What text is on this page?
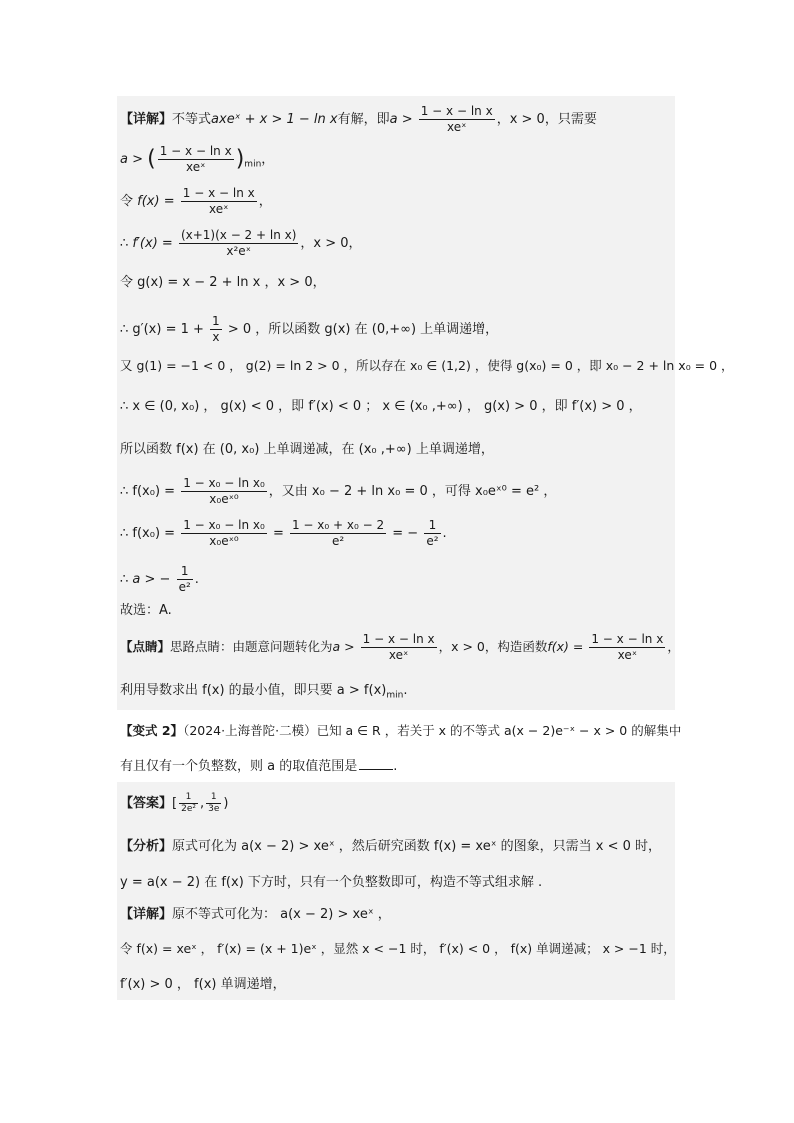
【详解】不等式axeˣ + x > 1 − ln x有解，即$a > \frac{\text{1 − x − ln x}}{\text{xeˣ}}$ ，x > 0，只需要
a > ( $\frac{\text{1 − x − ln x}}{\text{xeˣ}} )_{min}$，
令 $f(x) = \frac{\text{1 − x − ln x}}{\text{xeˣ}}$ ，
∴ $f'(x) = \frac{\text{(x+1)(x − 2 + ln x)}}{\text{x²eˣ}}$ ，x > 0，
令 g(x) = x − 2 + ln x ，x > 0，
∴ $g'(x) = 1 + \frac{1}{x} > 0$ ，所以函数 g(x) 在 (0,+∞) 上单调递增，
又 g(1) = −1 < 0 ， g(2) = ln 2 > 0 ，所以存在 x₀ ∈ (1,2) ，使得 g(x₀) = 0 ，即 x₀ − 2 + ln x₀ = 0 ，
∴ x ∈ (0, x₀) ， g(x) < 0 ，即 f′(x) < 0 ； x ∈ (x₀ ,+∞) ， g(x) > 0 ，即 f′(x) > 0 ，
所以函数 f(x) 在 (0, x₀) 上单调递减，在 (x₀ ,+∞) 上单调递增，
∴ $f(x_0) = \frac{\text{1 − x₀ − ln x₀}}{\text{x₀eˣ⁰}}$ ，又由 x₀ − 2 + ln x₀ = 0 ，可得 x₀eˣ⁰ = e² ，
∴ $f(x_0) = \frac{\text{1 − x₀ − ln x₀}}{\text{x₀eˣ⁰}} = \frac{\text{1 − x₀ + x₀ − 2}}{\text{e²}}$ = − $\frac{1}{\text{e²}}$ .
∴ a > − $\frac{1}{\text{e²}}$ .
故选：A.
【点睛】思路点睛：由题意问题转化为$a > \frac{\text{1 − x − ln x}}{\text{xeˣ}}$ ，x > 0，构造函数$f(x) = \frac{\text{1 − x − ln x}}{\text{xeˣ}}$ ，
利用导数求出 f(x) 的最小值，即只要 $a > f(x)_{min}$.
【变式 2】（2024·上海普陀·二模）已知 a ∈ R ，若关于 x 的不等式 a(x − 2)e⁻ˣ − x > 0 的解集中
有且仅有一个负整数，则 a 的取值范围是	.
【答案】[ $\frac{1}{\text{2e²}}$ , $\frac{1}{3e}$ )
【分析】原式可化为 a(x − 2) > xeˣ ，然后研究函数 f(x) = xeˣ 的图象，只需当 x < 0 时，
y = a(x − 2) 在 f(x) 下方时，只有一个负整数即可，构造不等式组求解 .
【详解】原不等式可化为： a(x − 2) > xeˣ ，
令 f(x) = xeˣ ， f′(x) = (x + 1)eˣ ，显然 x < −1 时， f′(x) < 0 ， f(x) 单调递减； x > −1 时，
f′(x) > 0 ， f(x) 单调递增，
